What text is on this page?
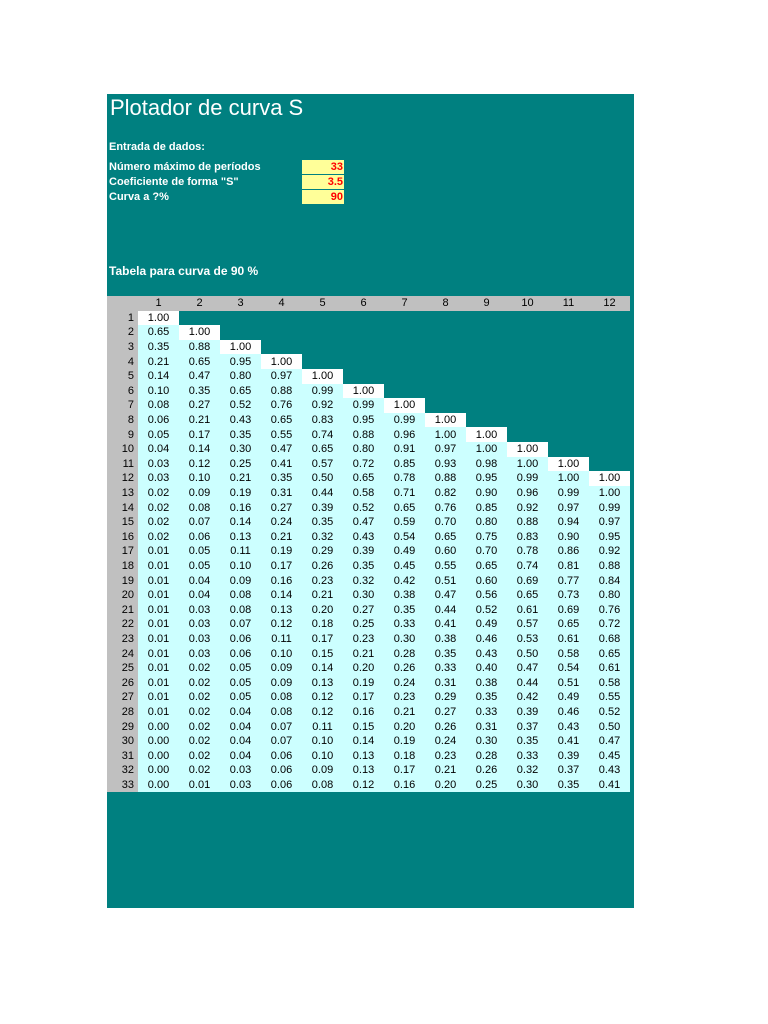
Plotador de curva S
Entrada de dados:
Número máximo de períodos	33
Coeficiente de forma "S"	3.5
Curva a ?%	90
Tabela para curva de 90 %
	1	2	3	4	5	6	7	8	9	10	11	12
1	1.00											
2	0.65	1.00										
3	0.35	0.88	1.00									
4	0.21	0.65	0.95	1.00								
5	0.14	0.47	0.80	0.97	1.00							
6	0.10	0.35	0.65	0.88	0.99	1.00						
7	0.08	0.27	0.52	0.76	0.92	0.99	1.00					
8	0.06	0.21	0.43	0.65	0.83	0.95	0.99	1.00				
9	0.05	0.17	0.35	0.55	0.74	0.88	0.96	1.00	1.00			
10	0.04	0.14	0.30	0.47	0.65	0.80	0.91	0.97	1.00	1.00		
11	0.03	0.12	0.25	0.41	0.57	0.72	0.85	0.93	0.98	1.00	1.00	
12	0.03	0.10	0.21	0.35	0.50	0.65	0.78	0.88	0.95	0.99	1.00	1.00
13	0.02	0.09	0.19	0.31	0.44	0.58	0.71	0.82	0.90	0.96	0.99	1.00
14	0.02	0.08	0.16	0.27	0.39	0.52	0.65	0.76	0.85	0.92	0.97	0.99
15	0.02	0.07	0.14	0.24	0.35	0.47	0.59	0.70	0.80	0.88	0.94	0.97
16	0.02	0.06	0.13	0.21	0.32	0.43	0.54	0.65	0.75	0.83	0.90	0.95
17	0.01	0.05	0.11	0.19	0.29	0.39	0.49	0.60	0.70	0.78	0.86	0.92
18	0.01	0.05	0.10	0.17	0.26	0.35	0.45	0.55	0.65	0.74	0.81	0.88
19	0.01	0.04	0.09	0.16	0.23	0.32	0.42	0.51	0.60	0.69	0.77	0.84
20	0.01	0.04	0.08	0.14	0.21	0.30	0.38	0.47	0.56	0.65	0.73	0.80
21	0.01	0.03	0.08	0.13	0.20	0.27	0.35	0.44	0.52	0.61	0.69	0.76
22	0.01	0.03	0.07	0.12	0.18	0.25	0.33	0.41	0.49	0.57	0.65	0.72
23	0.01	0.03	0.06	0.11	0.17	0.23	0.30	0.38	0.46	0.53	0.61	0.68
24	0.01	0.03	0.06	0.10	0.15	0.21	0.28	0.35	0.43	0.50	0.58	0.65
25	0.01	0.02	0.05	0.09	0.14	0.20	0.26	0.33	0.40	0.47	0.54	0.61
26	0.01	0.02	0.05	0.09	0.13	0.19	0.24	0.31	0.38	0.44	0.51	0.58
27	0.01	0.02	0.05	0.08	0.12	0.17	0.23	0.29	0.35	0.42	0.49	0.55
28	0.01	0.02	0.04	0.08	0.12	0.16	0.21	0.27	0.33	0.39	0.46	0.52
29	0.00	0.02	0.04	0.07	0.11	0.15	0.20	0.26	0.31	0.37	0.43	0.50
30	0.00	0.02	0.04	0.07	0.10	0.14	0.19	0.24	0.30	0.35	0.41	0.47
31	0.00	0.02	0.04	0.06	0.10	0.13	0.18	0.23	0.28	0.33	0.39	0.45
32	0.00	0.02	0.03	0.06	0.09	0.13	0.17	0.21	0.26	0.32	0.37	0.43
33	0.00	0.01	0.03	0.06	0.08	0.12	0.16	0.20	0.25	0.30	0.35	0.41
